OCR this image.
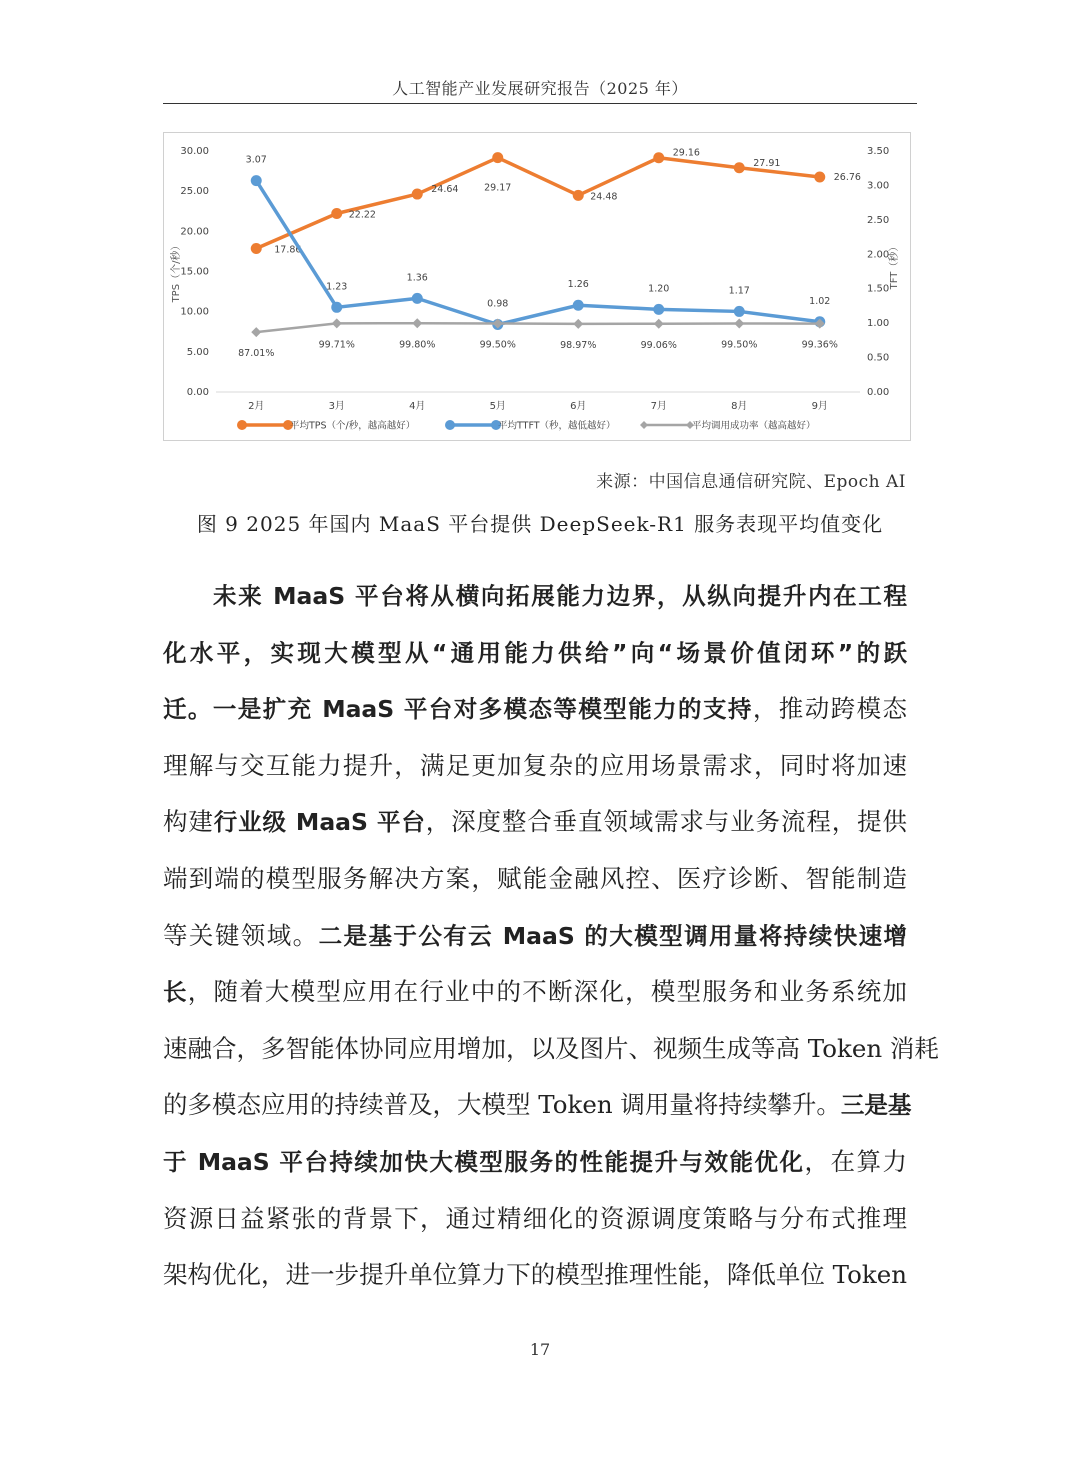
人工智能产业发展研究报告（2025 年）
0.00
5.00
10.00
15.00
20.00
25.00
30.00
0.00
0.50
1.00
1.50
2.00
2.50
3.00
3.50
TPS（个/秒）	TFT（秒）
2月	3月	4月	5月	6月	7月	8月	9月
17.86
22.22
24.64	29.17
24.48
29.16
27.91
26.76
3.07
1.23
1.36
0.98
1.26	1.20	1.17
1.02
87.01%
99.71%	99.80%	99.50%	98.97%	99.06%	99.50%	99.36%
平均TPS（个/秒，越高越好）	平均TTFT（秒，越低越好）	平均调用成功率（越高越好）
来源：中国信息通信研究院、Epoch AI
图 9 2025 年国内 MaaS 平台提供 DeepSeek-R1 服务表现平均值变化
未来 MaaS 平台将从横向拓展能力边界，从纵向提升内在工程
化水平，实现大模型从“通用能力供给”向“场景价值闭环”的跃
迁。一是扩充 MaaS 平台对多模态等模型能力的支持，推动跨模态
理解与交互能力提升，满足更加复杂的应用场景需求，同时将加速
构建行业级 MaaS 平台，深度整合垂直领域需求与业务流程，提供
端到端的模型服务解决方案，赋能金融风控、医疗诊断、智能制造
等关键领域。二是基于公有云 MaaS 的大模型调用量将持续快速增
长，随着大模型应用在行业中的不断深化，模型服务和业务系统加
速融合，多智能体协同应用增加，以及图片、视频生成等高 Token 消耗
的多模态应用的持续普及，大模型 Token 调用量将持续攀升。三是基
于 MaaS 平台持续加快大模型服务的性能提升与效能优化，在算力
资源日益紧张的背景下，通过精细化的资源调度策略与分布式推理
架构优化，进一步提升单位算力下的模型推理性能，降低单位 Token
17
